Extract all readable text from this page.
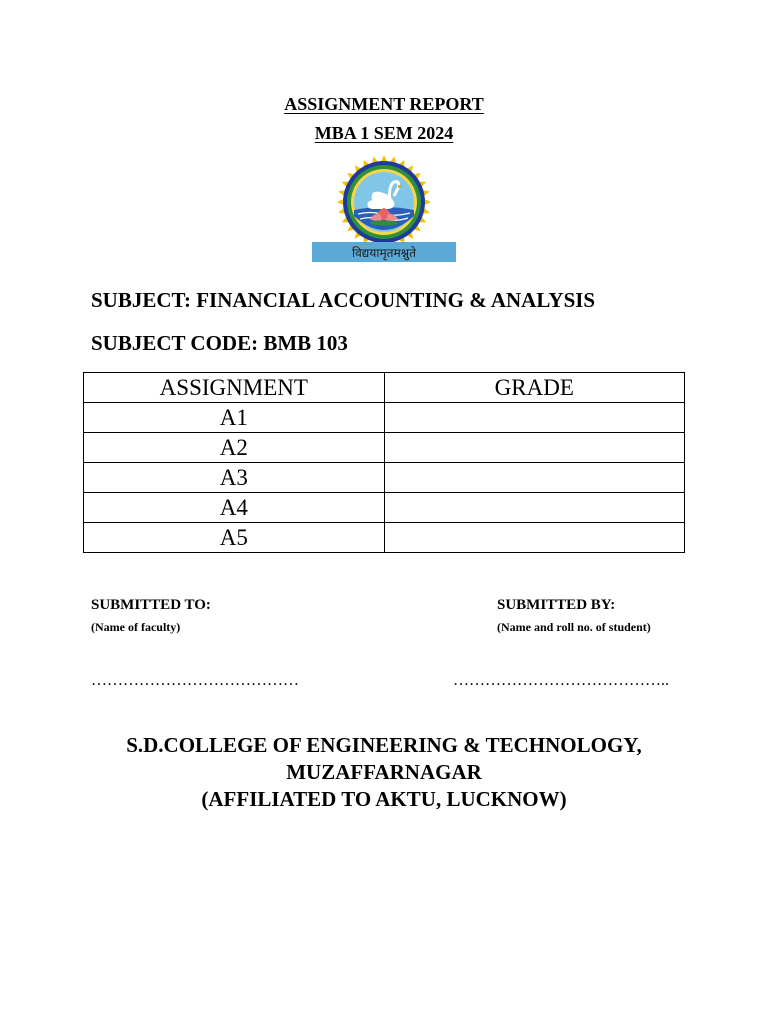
ASSIGNMENT REPORT
MBA 1 SEM 2024
विद्ययामृतमश्नुते
SUBJECT: FINANCIAL ACCOUNTING & ANALYSIS
SUBJECT CODE: BMB 103
ASSIGNMENT	GRADE
A1	
A2	
A3	
A4	
A5	
SUBMITTED TO:
(Name of faculty)
SUBMITTED BY:
(Name and roll no. of student)
…………………………………	…………………………………..
S.D.COLLEGE OF ENGINEERING & TECHNOLOGY,
MUZAFFARNAGAR
(AFFILIATED TO AKTU, LUCKNOW)
